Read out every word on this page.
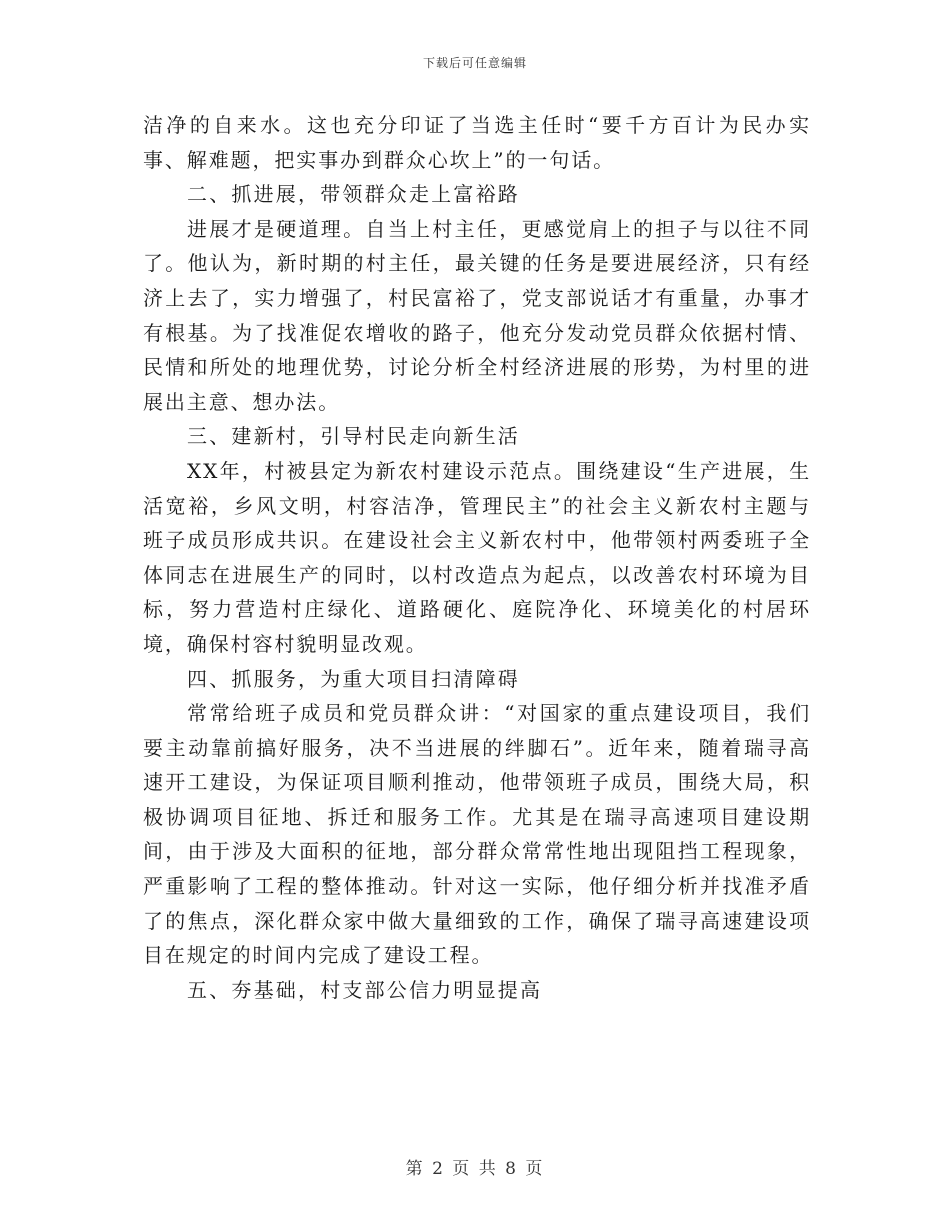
下载后可任意编辑

洁净的自来水。这也充分印证了当选主任时“要千方百计为民办实事、解难题，把实事办到群众心坎上”的一句话。

二、抓进展，带领群众走上富裕路

进展才是硬道理。自当上村主任，更感觉肩上的担子与以往不同了。他认为，新时期的村主任，最关键的任务是要进展经济，只有经济上去了，实力增强了，村民富裕了，党支部说话才有重量，办事才有根基。为了找准促农增收的路子，他充分发动党员群众依据村情、民情和所处的地理优势，讨论分析全村经济进展的形势，为村里的进展出主意、想办法。

三、建新村，引导村民走向新生活

XX年，村被县定为新农村建设示范点。围绕建设“生产进展，生活宽裕，乡风文明，村容洁净，管理民主”的社会主义新农村主题与班子成员形成共识。在建设社会主义新农村中，他带领村两委班子全体同志在进展生产的同时，以村改造点为起点，以改善农村环境为目标，努力营造村庄绿化、道路硬化、庭院净化、环境美化的村居环境，确保村容村貌明显改观。

四、抓服务，为重大项目扫清障碍

常常给班子成员和党员群众讲：“对国家的重点建设项目，我们要主动靠前搞好服务，决不当进展的绊脚石”。近年来，随着瑞寻高速开工建设，为保证项目顺利推动，他带领班子成员，围绕大局，积极协调项目征地、拆迁和服务工作。尤其是在瑞寻高速项目建设期间，由于涉及大面积的征地，部分群众常常性地出现阻挡工程现象，严重影响了工程的整体推动。针对这一实际，他仔细分析并找准矛盾了的焦点，深化群众家中做大量细致的工作，确保了瑞寻高速建设项目在规定的时间内完成了建设工程。

五、夯基础，村支部公信力明显提高

第 2 页 共 8 页
